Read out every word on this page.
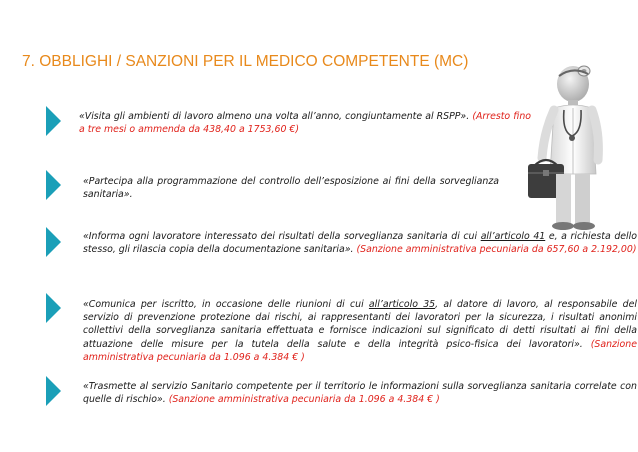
7. OBBLIGHI / SANZIONI PER IL MEDICO COMPETENTE (MC)
«Visita gli ambienti di lavoro almeno una volta all’anno, congiuntamente al RSPP». (Arresto fino a tre mesi o ammenda da 438,40 a 1753,60 €)
«Partecipa alla programmazione del controllo dell’esposizione ai fini della sorveglianza sanitaria».
«Informa ogni lavoratore interessato dei risultati della sorveglianza sanitaria di cui all’articolo 41 e, a richiesta dello stesso, gli rilascia copia della documentazione sanitaria». (Sanzione amministrativa pecuniaria da 657,60 a 2.192,00)
«Comunica per iscritto, in occasione delle riunioni di cui all’articolo 35, al datore di lavoro, al responsabile del servizio di prevenzione protezione dai rischi, ai rappresentanti dei lavoratori per la sicurezza, i risultati anonimi collettivi della sorveglianza sanitaria effettuata e fornisce indicazioni sul significato di detti risultati ai fini della attuazione delle misure per la tutela della salute e della integrità psico-fisica dei lavoratori». (Sanzione amministrativa pecuniaria da 1.096 a 4.384 € )
«Trasmette al servizio Sanitario competente per il territorio le informazioni sulla sorveglianza sanitaria correlate con quelle di rischio». (Sanzione amministrativa pecuniaria da 1.096 a 4.384 € )
